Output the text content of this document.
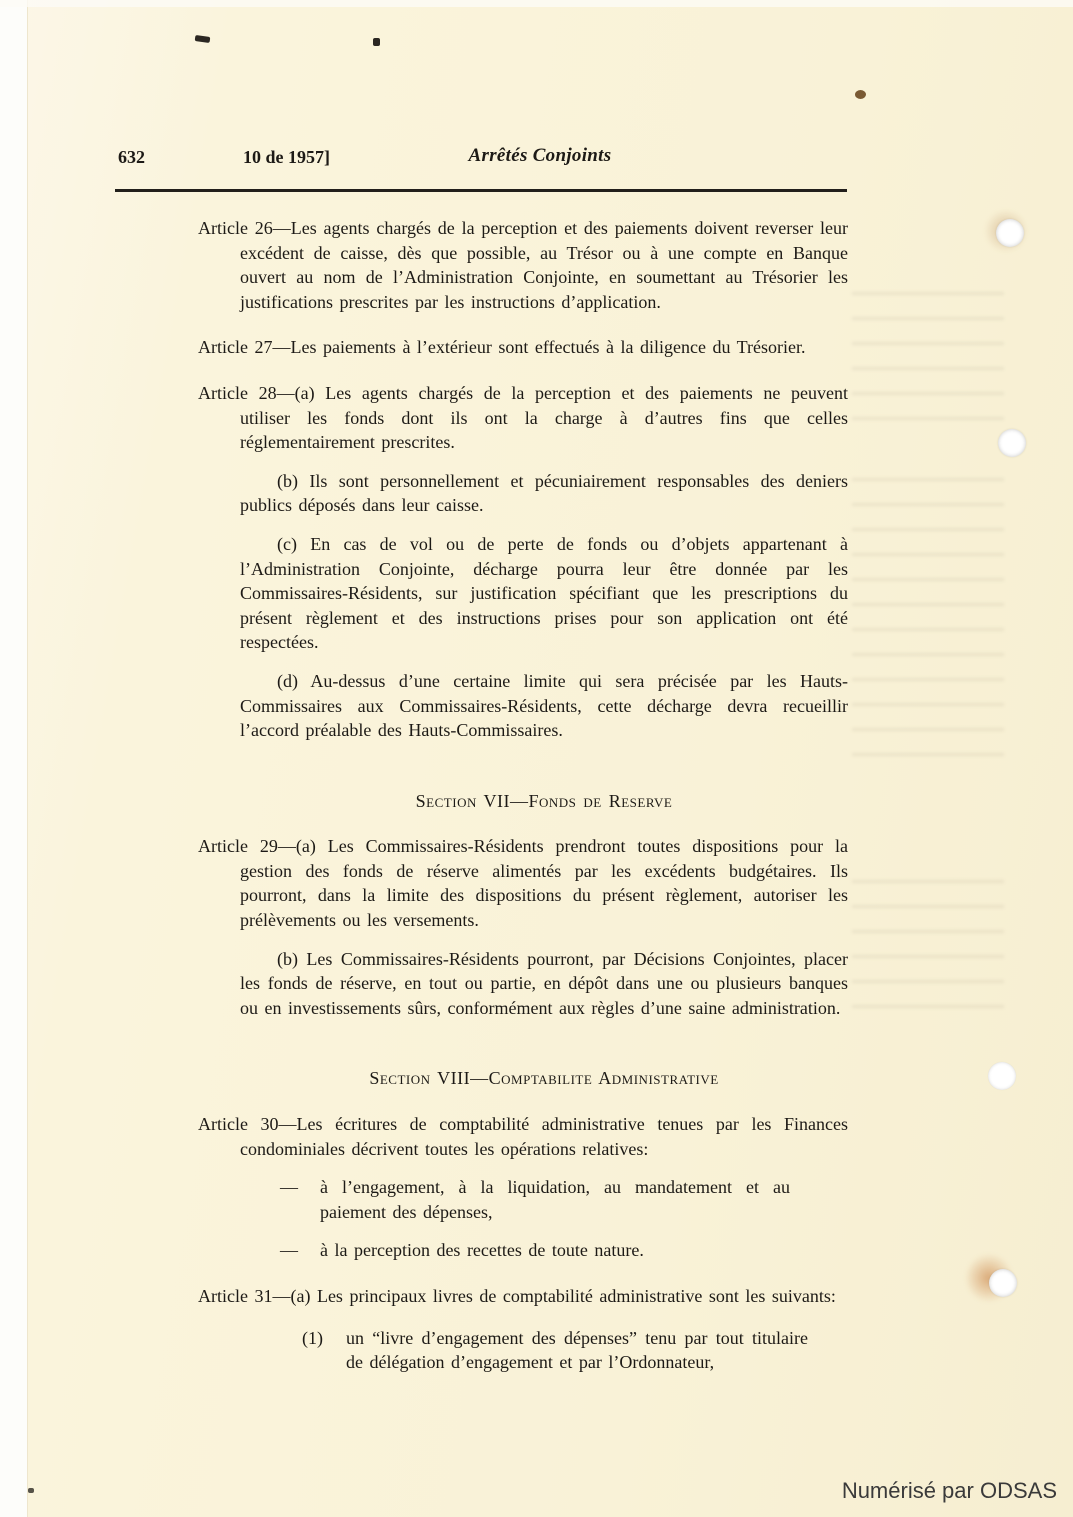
632	10 de 1957]	Arrêtés Conjoints

Article 26—Les agents chargés de la perception et des paiements doivent reverser leur excédent de caisse, dès que possible, au Trésor ou à une compte en Banque ouvert au nom de l’Administration Conjointe, en soumettant au Trésorier les justifications prescrites par les instructions d’application.

Article 27—Les paiements à l’extérieur sont effectués à la diligence du Trésorier.

Article 28—(a) Les agents chargés de la perception et des paiements ne peuvent utiliser les fonds dont ils ont la charge à d’autres fins que celles réglementairement prescrites.

(b) Ils sont personnellement et pécuniairement responsables des deniers publics déposés dans leur caisse.

(c) En cas de vol ou de perte de fonds ou d’objets appartenant à l’Administration Conjointe, décharge pourra leur être donnée par les Commissaires-Résidents, sur justification spécifiant que les prescriptions du présent règlement et des instructions prises pour son application ont été respectées.

(d) Au-dessus d’une certaine limite qui sera précisée par les Hauts-Commissaires aux Commissaires-Résidents, cette décharge devra recueillir l’accord préalable des Hauts-Commissaires.

Section VII—Fonds de Reserve

Article 29—(a) Les Commissaires-Résidents prendront toutes dispositions pour la gestion des fonds de réserve alimentés par les excédents budgétaires. Ils pourront, dans la limite des dispositions du présent règlement, autoriser les prélèvements ou les versements.

(b) Les Commissaires-Résidents pourront, par Décisions Conjointes, placer les fonds de réserve, en tout ou partie, en dépôt dans une ou plusieurs banques ou en investissements sûrs, conformément aux règles d’une saine administration.

Section VIII—Comptabilite Administrative

Article 30—Les écritures de comptabilité administrative tenues par les Finances condominiales décrivent toutes les opérations relatives:

—	à l’engagement, à la liquidation, au mandatement et au paiement des dépenses,
—	à la perception des recettes de toute nature.

Article 31—(a) Les principaux livres de comptabilité administrative sont les suivants:

(1)	un “livre d’engagement des dépenses” tenu par tout titulaire de délégation d’engagement et par l’Ordonnateur,
Numérisé par ODSAS
